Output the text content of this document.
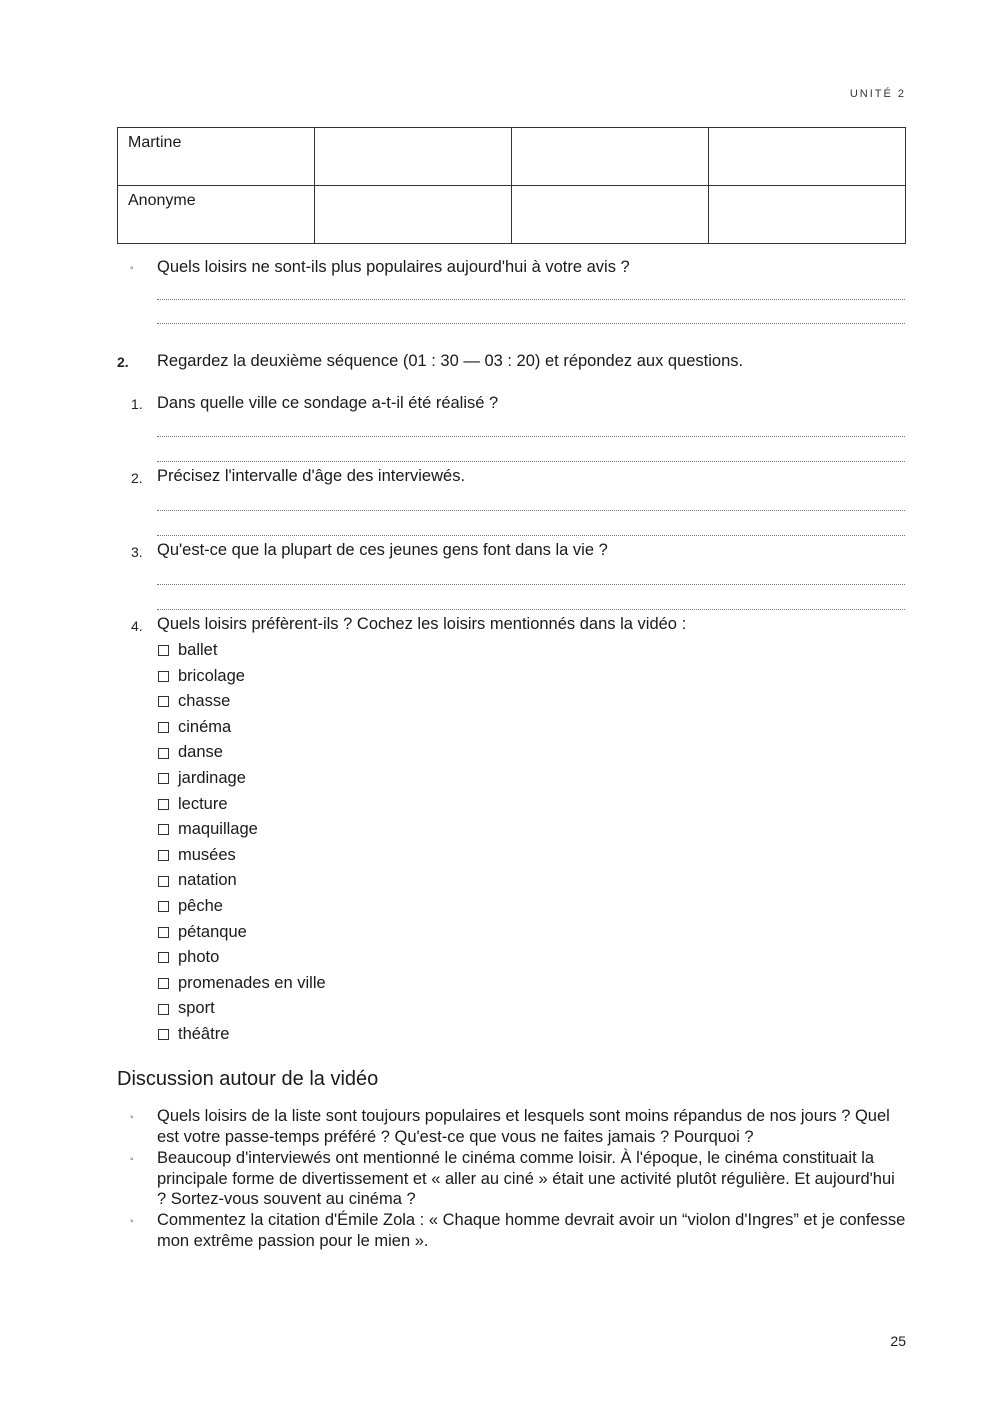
UNITÉ 2
Martine			
Anonyme			
◦ Quels loisirs ne sont-ils plus populaires aujourd'hui à votre avis ?
2. Regardez la deuxième séquence (01 : 30 — 03 : 20) et répondez aux questions.
1. Dans quelle ville ce sondage a-t-il été réalisé ?
2. Précisez l'intervalle d'âge des interviewés.
3. Qu'est-ce que la plupart de ces jeunes gens font dans la vie ?
4. Quels loisirs préfèrent-ils ? Cochez les loisirs mentionnés dans la vidéo :
ballet
bricolage
chasse
cinéma
danse
jardinage
lecture
maquillage
musées
natation
pêche
pétanque
photo
promenades en ville
sport
théâtre
Discussion autour de la vidéo
◦ Quels loisirs de la liste sont toujours populaires et lesquels sont moins répandus de nos jours ? Quel est votre passe-temps préféré ? Qu'est-ce que vous ne faites jamais ? Pourquoi ?
◦ Beaucoup d'interviewés ont mentionné le cinéma comme loisir. À l'époque, le cinéma constituait la principale forme de divertissement et « aller au ciné » était une activité plutôt régulière. Et aujourd'hui ? Sortez-vous souvent au cinéma ?
◦ Commentez la citation d'Émile Zola : « Chaque homme devrait avoir un “violon d'Ingres” et je confesse mon extrême passion pour le mien ».
25
